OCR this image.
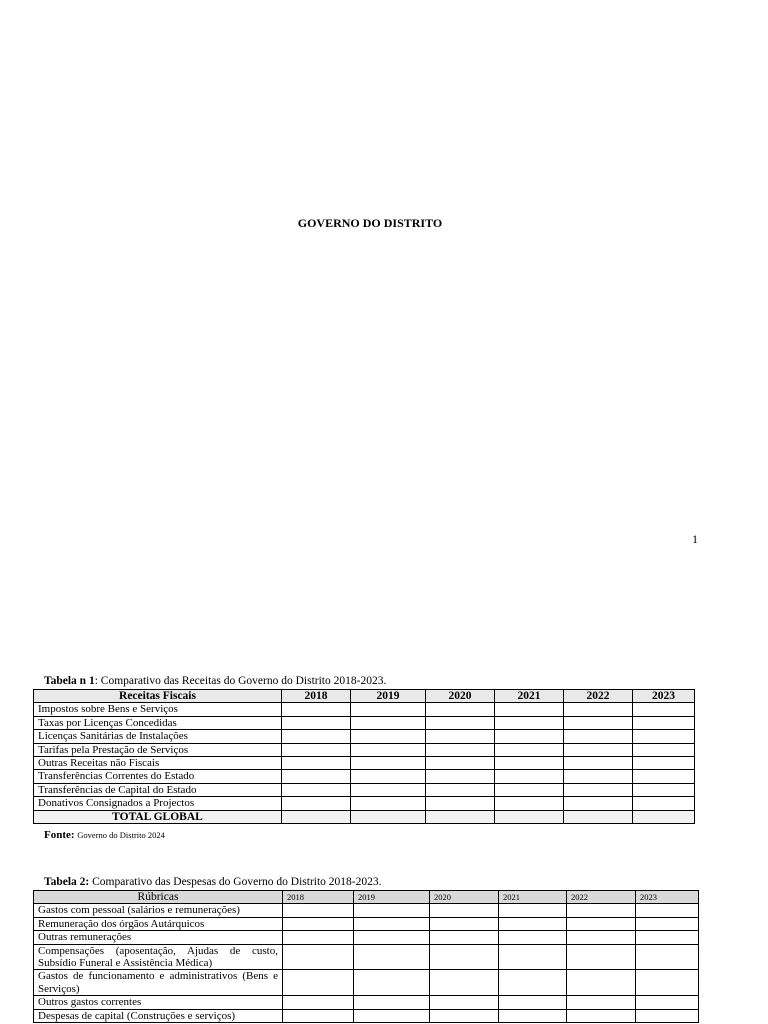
GOVERNO DO DISTRITO
1
Tabela n 1: Comparativo das Receitas do Governo do Distrito 2018-2023.
Receitas Fiscais	2018	2019	2020	2021	2022	2023
Impostos sobre Bens e Serviços						
Taxas por Licenças Concedidas						
Licenças Sanitárias de Instalações						
Tarifas pela Prestação de Serviços						
Outras Receitas não Fiscais						
Transferências Correntes do Estado						
Transferências de Capital do Estado						
Donativos Consignados a Projectos						
TOTAL GLOBAL						
Fonte: Governo do Distrito 2024
Tabela 2: Comparativo das Despesas do Governo do Distrito 2018-2023.
Rúbricas	2018	2019	2020	2021	2022	2023
Gastos com pessoal (salários e remunerações)						
Remuneração dos órgãos Autárquicos						
Outras remunerações						
Compensações (aposentação, Ajudas de custo, Subsídio Funeral e Assistência Médica)						
Gastos de funcionamento e administrativos (Bens e Serviços)						
Outros gastos correntes						
Despesas de capital (Construções e serviços)						
